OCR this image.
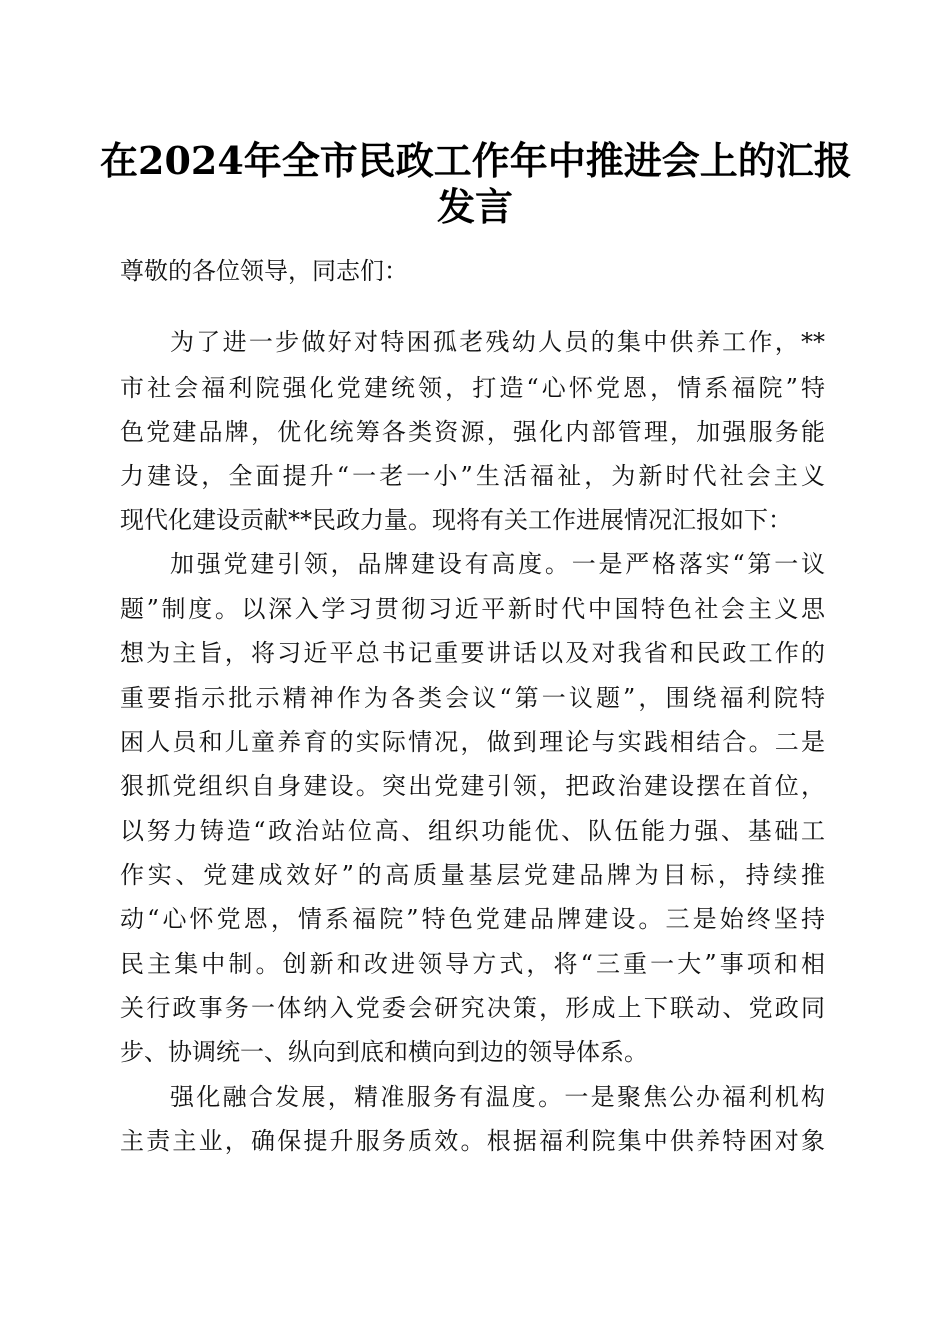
在2024年全市民政工作年中推进会上的汇报
发言
尊敬的各位领导，同志们：
为了进一步做好对特困孤老残幼人员的集中供养工作，**
市社会福利院强化党建统领，打造“心怀党恩，情系福院”特
色党建品牌，优化统筹各类资源，强化内部管理，加强服务能
力建设，全面提升“一老一小”生活福祉，为新时代社会主义
现代化建设贡献**民政力量。现将有关工作进展情况汇报如下：
加强党建引领，品牌建设有高度。一是严格落实“第一议
题”制度。以深入学习贯彻习近平新时代中国特色社会主义思
想为主旨，将习近平总书记重要讲话以及对我省和民政工作的
重要指示批示精神作为各类会议“第一议题”，围绕福利院特
困人员和儿童养育的实际情况，做到理论与实践相结合。二是
狠抓党组织自身建设。突出党建引领，把政治建设摆在首位，
以努力铸造“政治站位高、组织功能优、队伍能力强、基础工
作实、党建成效好”的高质量基层党建品牌为目标，持续推
动“心怀党恩，情系福院”特色党建品牌建设。三是始终坚持
民主集中制。创新和改进领导方式，将“三重一大”事项和相
关行政事务一体纳入党委会研究决策，形成上下联动、党政同
步、协调统一、纵向到底和横向到边的领导体系。
强化融合发展，精准服务有温度。一是聚焦公办福利机构
主责主业，确保提升服务质效。根据福利院集中供养特困对象
